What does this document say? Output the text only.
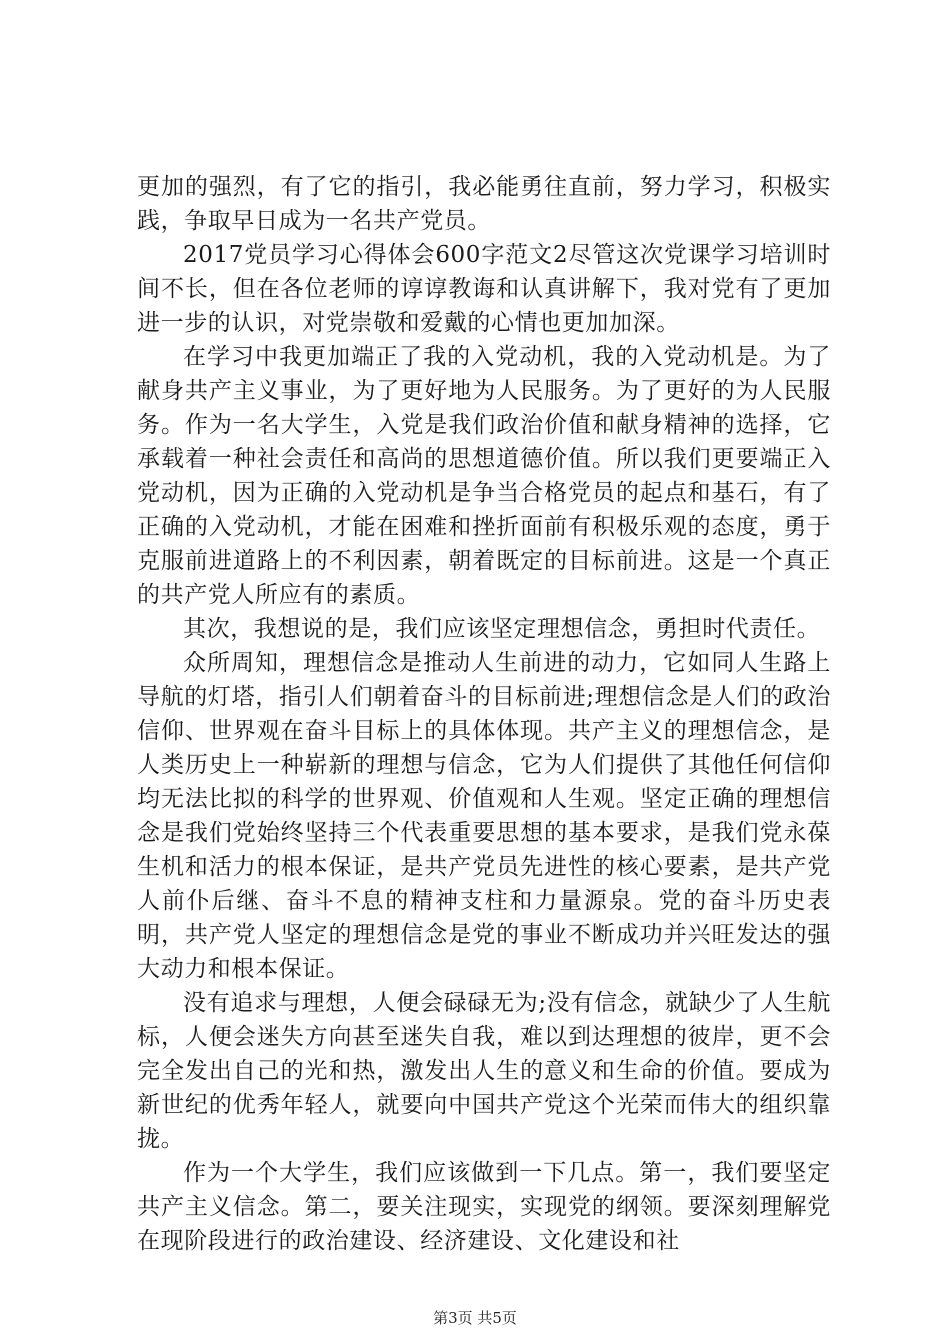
更加的强烈，有了它的指引，我必能勇往直前，努力学习，积极实践，争取早日成为一名共产党员。

2017党员学习心得体会600字范文2尽管这次党课学习培训时间不长，但在各位老师的谆谆教诲和认真讲解下，我对党有了更加进一步的认识，对党崇敬和爱戴的心情也更加加深。

在学习中我更加端正了我的入党动机，我的入党动机是。为了献身共产主义事业，为了更好地为人民服务。为了更好的为人民服务。作为一名大学生，入党是我们政治价值和献身精神的选择，它承载着一种社会责任和高尚的思想道德价值。所以我们更要端正入党动机，因为正确的入党动机是争当合格党员的起点和基石，有了正确的入党动机，才能在困难和挫折面前有积极乐观的态度，勇于克服前进道路上的不利因素，朝着既定的目标前进。这是一个真正的共产党人所应有的素质。

其次，我想说的是，我们应该坚定理想信念，勇担时代责任。

众所周知，理想信念是推动人生前进的动力，它如同人生路上导航的灯塔，指引人们朝着奋斗的目标前进;理想信念是人们的政治信仰、世界观在奋斗目标上的具体体现。共产主义的理想信念，是人类历史上一种崭新的理想与信念，它为人们提供了其他任何信仰均无法比拟的科学的世界观、价值观和人生观。坚定正确的理想信念是我们党始终坚持三个代表重要思想的基本要求，是我们党永葆生机和活力的根本保证，是共产党员先进性的核心要素，是共产党人前仆后继、奋斗不息的精神支柱和力量源泉。党的奋斗历史表明，共产党人坚定的理想信念是党的事业不断成功并兴旺发达的强大动力和根本保证。

没有追求与理想，人便会碌碌无为;没有信念，就缺少了人生航标，人便会迷失方向甚至迷失自我，难以到达理想的彼岸，更不会完全发出自己的光和热，激发出人生的意义和生命的价值。要成为新世纪的优秀年轻人，就要向中国共产党这个光荣而伟大的组织靠拢。

作为一个大学生，我们应该做到一下几点。第一，我们要坚定共产主义信念。第二，要关注现实，实现党的纲领。要深刻理解党在现阶段进行的政治建设、经济建设、文化建设和社

第3页 共5页
